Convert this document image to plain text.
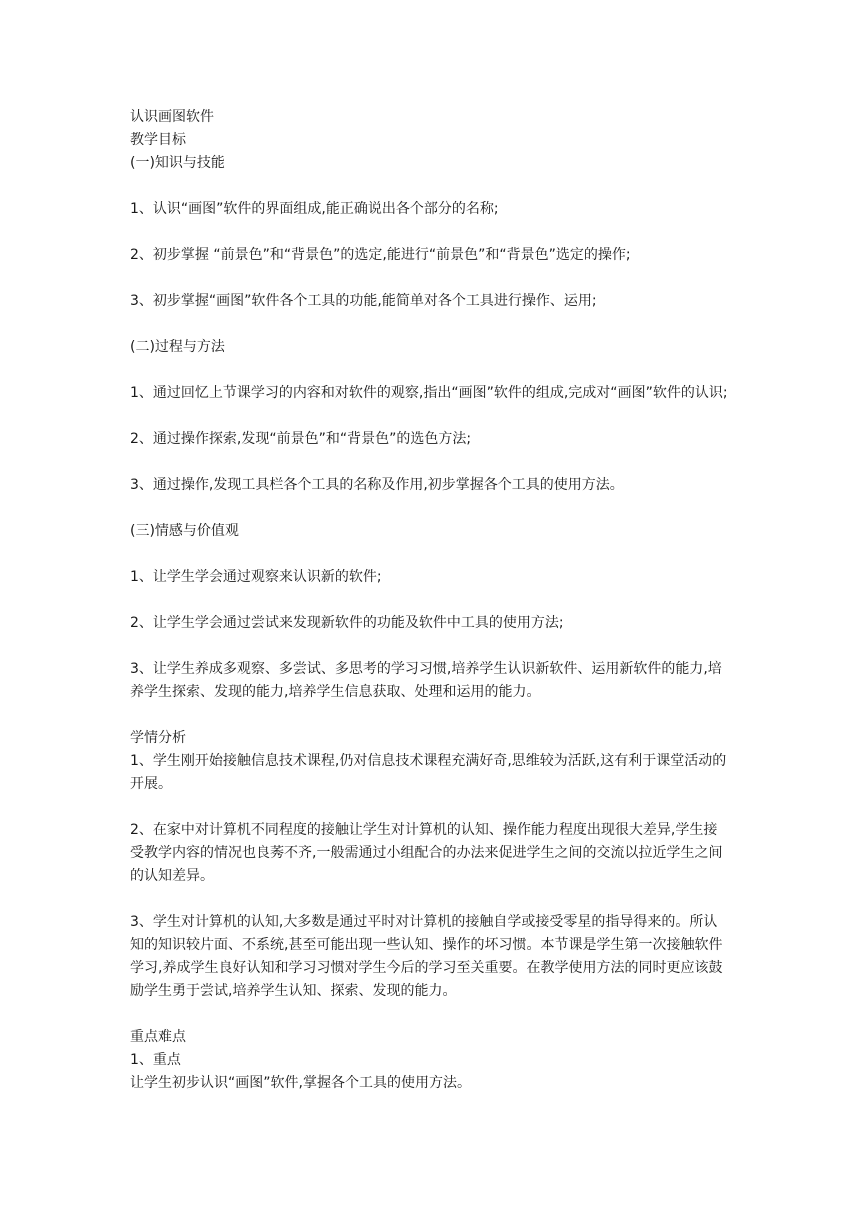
认识画图软件
教学目标
(一)知识与技能
1、认识“画图”软件的界面组成,能正确说出各个部分的名称;
2、初步掌握 “前景色”和“背景色”的选定,能进行“前景色”和“背景色”选定的操作;
3、初步掌握“画图”软件各个工具的功能,能简单对各个工具进行操作、运用;
(二)过程与方法
1、通过回忆上节课学习的内容和对软件的观察,指出“画图”软件的组成,完成对“画图”软件的认识;
2、通过操作探索,发现“前景色”和“背景色”的选色方法;
3、通过操作,发现工具栏各个工具的名称及作用,初步掌握各个工具的使用方法。
(三)情感与价值观
1、让学生学会通过观察来认识新的软件;
2、让学生学会通过尝试来发现新软件的功能及软件中工具的使用方法;
3、让学生养成多观察、多尝试、多思考的学习习惯,培养学生认识新软件、运用新软件的能力,培养学生探索、发现的能力,培养学生信息获取、处理和运用的能力。
学情分析
1、学生刚开始接触信息技术课程,仍对信息技术课程充满好奇,思维较为活跃,这有利于课堂活动的开展。
2、在家中对计算机不同程度的接触让学生对计算机的认知、操作能力程度出现很大差异,学生接受教学内容的情况也良莠不齐,一般需通过小组配合的办法来促进学生之间的交流以拉近学生之间的认知差异。
3、学生对计算机的认知,大多数是通过平时对计算机的接触自学或接受零星的指导得来的。所认知的知识较片面、不系统,甚至可能出现一些认知、操作的坏习惯。本节课是学生第一次接触软件学习,养成学生良好认知和学习习惯对学生今后的学习至关重要。在教学使用方法的同时更应该鼓励学生勇于尝试,培养学生认知、探索、发现的能力。
重点难点
1、重点
让学生初步认识“画图”软件,掌握各个工具的使用方法。
